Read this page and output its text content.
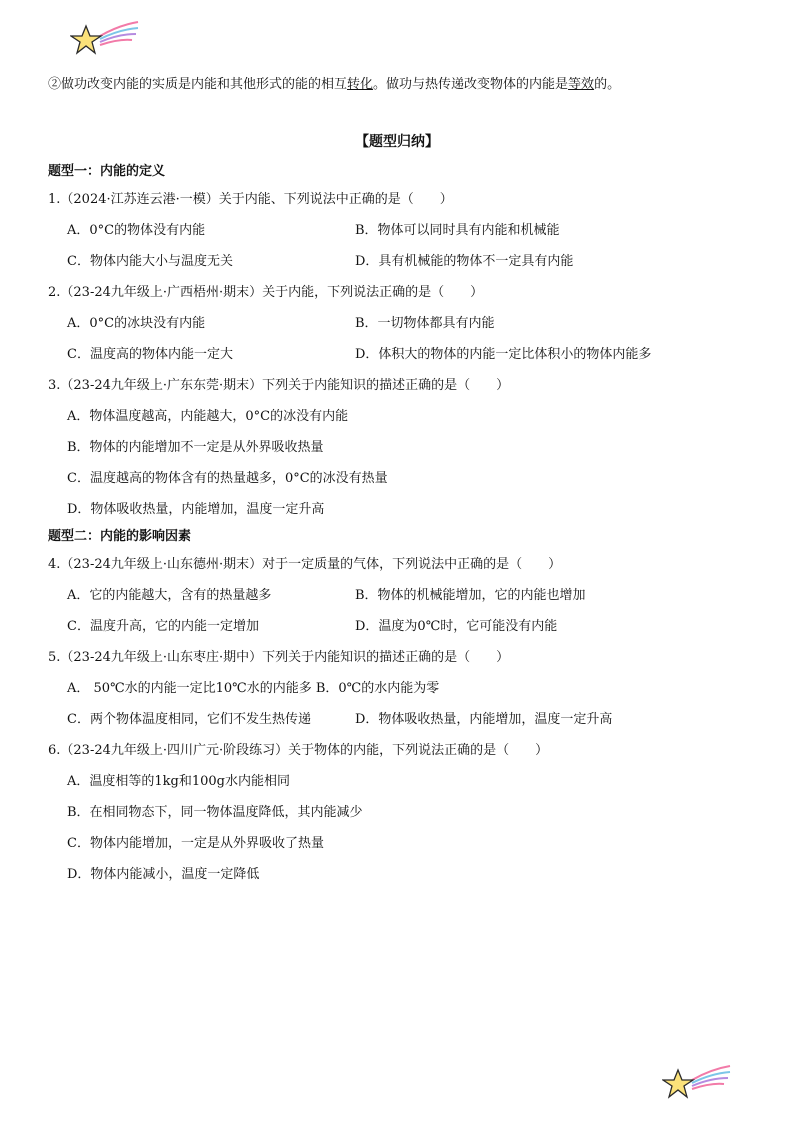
②做功改变内能的实质是内能和其他形式的能的相互转化。做功与热传递改变物体的内能是等效的。
【题型归纳】
题型一：内能的定义
1.（2024·江苏连云港·一模）关于内能、下列说法中正确的是（　　）
A．0°C的物体没有内能	B．物体可以同时具有内能和机械能
C．物体内能大小与温度无关	D．具有机械能的物体不一定具有内能
2.（23-24九年级上·广西梧州·期末）关于内能，下列说法正确的是（　　）
A．0°C的冰块没有内能	B．一切物体都具有内能
C．温度高的物体内能一定大	D．体积大的物体的内能一定比体积小的物体内能多
3.（23-24九年级上·广东东莞·期末）下列关于内能知识的描述正确的是（　　）
A．物体温度越高，内能越大，0°C的冰没有内能
B．物体的内能增加不一定是从外界吸收热量
C．温度越高的物体含有的热量越多，0°C的冰没有热量
D．物体吸收热量，内能增加，温度一定升高
题型二：内能的影响因素
4.（23-24九年级上·山东德州·期末）对于一定质量的气体，下列说法中正确的是（　　）
A．它的内能越大，含有的热量越多	B．物体的机械能增加，它的内能也增加
C．温度升高，它的内能一定增加	D．温度为0℃时，它可能没有内能
5.（23-24九年级上·山东枣庄·期中）下列关于内能知识的描述正确的是（　　）
A． 50℃水的内能一定比10℃水的内能多 B．0℃的水内能为零
C．两个物体温度相同，它们不发生热传递	D．物体吸收热量，内能增加，温度一定升高
6.（23-24九年级上·四川广元·阶段练习）关于物体的内能，下列说法正确的是（　　）
A．温度相等的1kg和100g水内能相同
B．在相同物态下，同一物体温度降低，其内能减少
C．物体内能增加，一定是从外界吸收了热量
D．物体内能减小，温度一定降低
